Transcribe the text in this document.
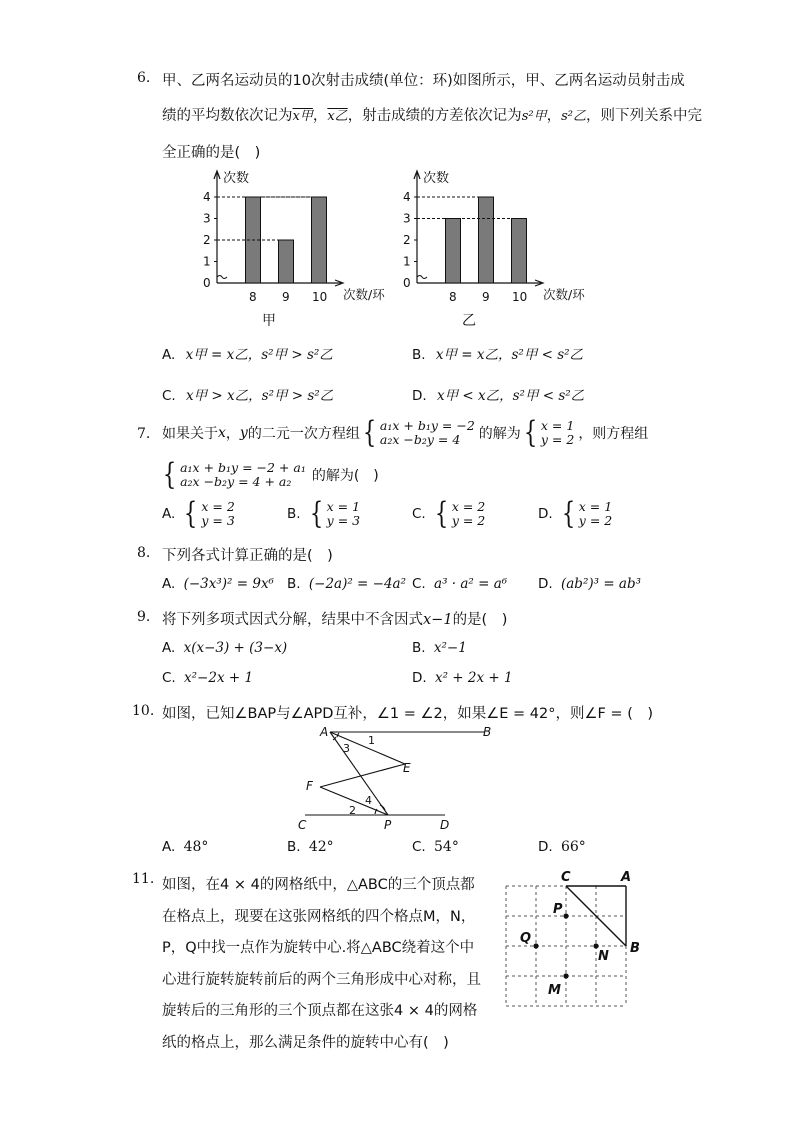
6. 甲、乙两名运动员的10次射击成绩(单位：环)如图所示，甲、乙两名运动员射击成
绩的平均数依次记为x甲，x乙，射击成绩的方差依次记为s²甲，s²乙，则下列关系中完
全正确的是(　)
0
1
2
3
4
次数
次数/环
8 9 10
甲
0
1
2
3
4
次数
次数/环
8 9 10
乙
A. x甲 = x乙，s²甲 > s²乙	B. x甲 = x乙，s²甲 < s²乙
C. x甲 > x乙，s²甲 > s²乙	D. x甲 < x乙，s²甲 < s²乙
7. 如果关于 x ， y 的二元一次方程组 { a₁x + b₁y = −2
a₂x −b₂y = 4	的解为 { x = 1
y = 2 ，则方程组
{ a₁x + b₁y = −2 + a₁
a₂x −b₂y = 4 + a₂	的解为(　)
A. { x = 2
y = 3	B. { x = 1
y = 3	C. { x = 2
y = 2	D. { x = 1
y = 2
8. 下列各式计算正确的是(　)
A. (−3x³)² = 9x⁶ B. (−2a)² = −4a² C. a³ · a² = a⁶ D. (ab²)³ = ab³
9. 将下列多项式因式分解，结果中不含因式x−1的是(　)
A. x(x−3) + (3−x)	B. x²−1
C. x²−2x + 1	D. x² + 2x + 1
10. 如图，已知∠BAP与∠APD互补，∠1 = ∠2，如果∠E = 42°，则∠F = (　)
A	B
C	D
E
F
P
1
3
2
4
A. 48°	B. 42°	C. 54°	D. 66°
11. 如图，在4 × 4的网格纸中，△ABC的三个顶点都
在格点上，现要在这张网格纸的四个格点M，N，
P，Q中找一点作为旋转中心.将△ABC绕着这个中
心进行旋转旋转前后的两个三角形成中心对称，且
旋转后的三角形的三个顶点都在这张4 × 4的网格
纸的格点上，那么满足条件的旋转中心有(　)
C	A
B
P
Q
N
M
